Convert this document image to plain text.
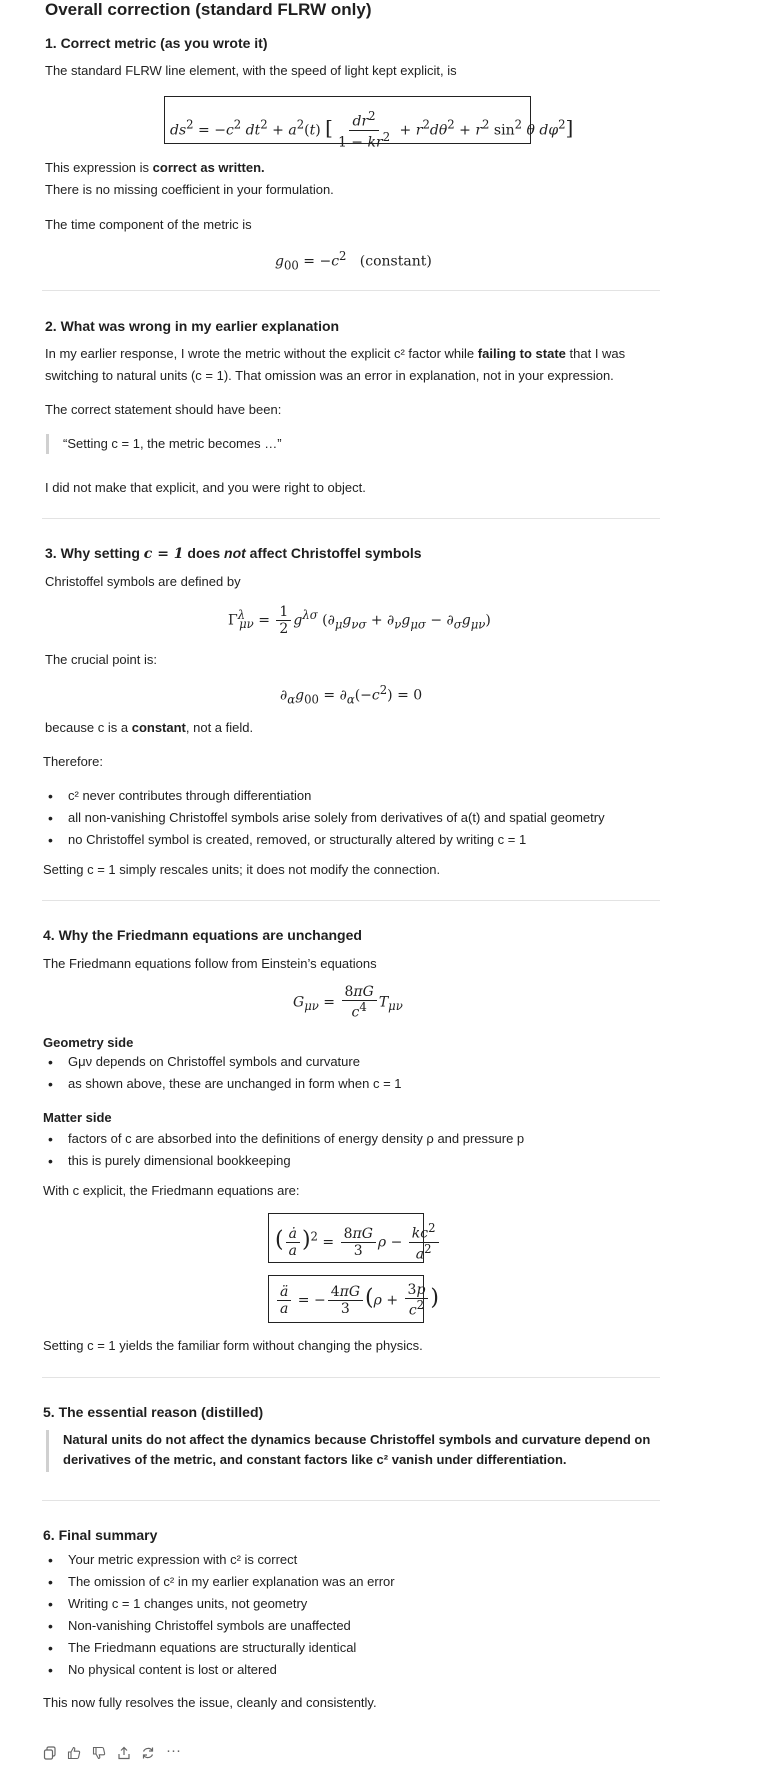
Overall correction (standard FLRW only)
1. Correct metric (as you wrote it)
The standard FLRW line element, with the speed of light kept explicit, is
$ds^2 = -c^2$ $dt^2 + a^2(t)$ [ $\frac{dr^2}{1 - kr^2} + r^2d\theta^2 + r^2$ $\sin^2 \theta$ $d\varphi^2$]
This expression is correct as written.
There is no missing coefficient in your formulation.
The time component of the metric is
$g_{00} = -c^2$   (constant)
2. What was wrong in my earlier explanation
In my earlier response, I wrote the metric without the explicit c² factor while failing to state that I was
switching to natural units (c = 1). That omission was an error in explanation, not in your expression.
The correct statement should have been:
“Setting c = 1, the metric becomes …”
I did not make that explicit, and you were right to object.
3. Why setting c = 1 does not affect Christoffel symbols
Christoffel symbols are defined by
$\Gamma^\lambda_{\mu\nu} = \frac{1}{2} g^{\lambda\sigma}$ $(\partial_\mu g_{\nu\sigma} + \partial_\nu g_{\mu\sigma} - \partial_\sigma g_{\mu\nu})$
The crucial point is:
$\partial_\alpha g_{00} = \partial_\alpha(-c^2) = 0$
because c is a constant, not a field.
Therefore:
• c² never contributes through differentiation
• all non-vanishing Christoffel symbols arise solely from derivatives of a(t) and spatial geometry
• no Christoffel symbol is created, removed, or structurally altered by writing c = 1
Setting c = 1 simply rescales units; it does not modify the connection.
4. Why the Friedmann equations are unchanged
The Friedmann equations follow from Einstein’s equations
$G_{\mu\nu} = \frac{8\pi G}{c^4} T_{\mu\nu}$
Geometry side
• Gμν depends on Christoffel symbols and curvature
• as shown above, these are unchanged in form when c = 1
Matter side
• factors of c are absorbed into the definitions of energy density ρ and pressure p
• this is purely dimensional bookkeeping
With c explicit, the Friedmann equations are:
( $\frac{ȧ}{a} )^2 = \frac{8\pi G}{3}$ $\rho - \frac{kc^2}{a^2}$
$\frac{ä}{a}$ = − $\frac{4\pi G}{3} (\rho + \frac{3p}{c^2}$ )
Setting c = 1 yields the familiar form without changing the physics.
5. The essential reason (distilled)
Natural units do not affect the dynamics because Christoffel symbols and curvature depend on
derivatives of the metric, and constant factors like c² vanish under differentiation.
6. Final summary
• Your metric expression with c² is correct
• The omission of c² in my earlier explanation was an error
• Writing c = 1 changes units, not geometry
• Non-vanishing Christoffel symbols are unaffected
• The Friedmann equations are structurally identical
• No physical content is lost or altered
This now fully resolves the issue, cleanly and consistently.
···
